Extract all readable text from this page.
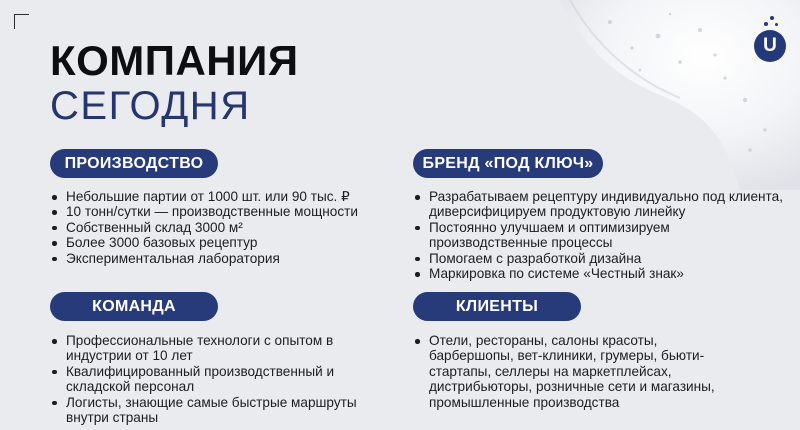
U
КОМПАНИЯ
СЕГОДНЯ
ПРОИЗВОДСТВО
Небольшие партии от 1000 шт. или 90 тыс. ₽
10 тонн/сутки — производственные мощности
Собственный склад 3000 м²
Более 3000 базовых рецептур
Экспериментальная лаборатория
БРЕНД «ПОД КЛЮЧ»
Разрабатываем рецептуру индивидуально под клиента, диверсифицируем продуктовую линейку
Постоянно улучшаем и оптимизируем производственные процессы
Помогаем с разработкой дизайна
Маркировка по системе «Честный знак»
КОМАНДА
Профессиональные технологи с опытом в индустрии от 10 лет
Квалифицированный производственный и складской персонал
Логисты, знающие самые быстрые маршруты внутри страны
КЛИЕНТЫ
Отели, рестораны, салоны красоты, барбершопы, вет-клиники, грумеры, бьюти-стартапы, селлеры на маркетплейсах, дистрибьюторы, розничные сети и магазины, промышленные производства
